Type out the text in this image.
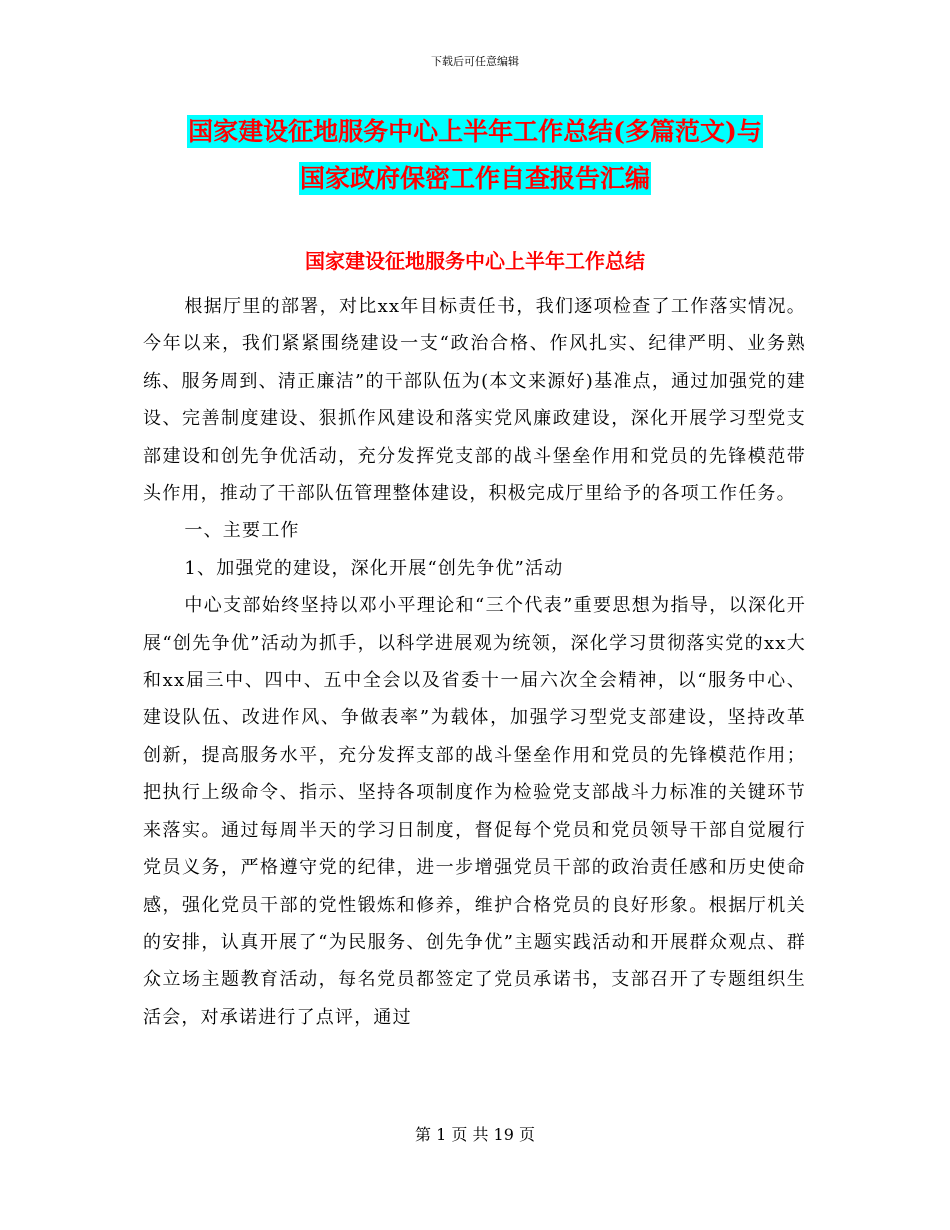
下载后可任意编辑
国家建设征地服务中心上半年工作总结(多篇范文)与
国家政府保密工作自查报告汇编
国家建设征地服务中心上半年工作总结

根据厅里的部署，对比xx年目标责任书，我们逐项检查了工作落实情况。今年以来，我们紧紧围绕建设一支“政治合格、作风扎实、纪律严明、业务熟练、服务周到、清正廉洁”的干部队伍为(本文来源好)基准点，通过加强党的建设、完善制度建设、狠抓作风建设和落实党风廉政建设，深化开展学习型党支部建设和创先争优活动，充分发挥党支部的战斗堡垒作用和党员的先锋模范带头作用，推动了干部队伍管理整体建设，积极完成厅里给予的各项工作任务。

一、主要工作

1、加强党的建设，深化开展“创先争优”活动

中心支部始终坚持以邓小平理论和“三个代表”重要思想为指导，以深化开展“创先争优”活动为抓手，以科学进展观为统领，深化学习贯彻落实党的xx大和xx届三中、四中、五中全会以及省委十一届六次全会精神，以“服务中心、建设队伍、改进作风、争做表率”为载体，加强学习型党支部建设，坚持改革创新，提高服务水平，充分发挥支部的战斗堡垒作用和党员的先锋模范作用；把执行上级命令、指示、坚持各项制度作为检验党支部战斗力标准的关键环节来落实。通过每周半天的学习日制度，督促每个党员和党员领导干部自觉履行党员义务，严格遵守党的纪律，进一步增强党员干部的政治责任感和历史使命感，强化党员干部的党性锻炼和修养，维护合格党员的良好形象。根据厅机关的安排，认真开展了“为民服务、创先争优”主题实践活动和开展群众观点、群众立场主题教育活动，每名党员都签定了党员承诺书，支部召开了专题组织生活会，对承诺进行了点评，通过

第 1 页 共 19 页
